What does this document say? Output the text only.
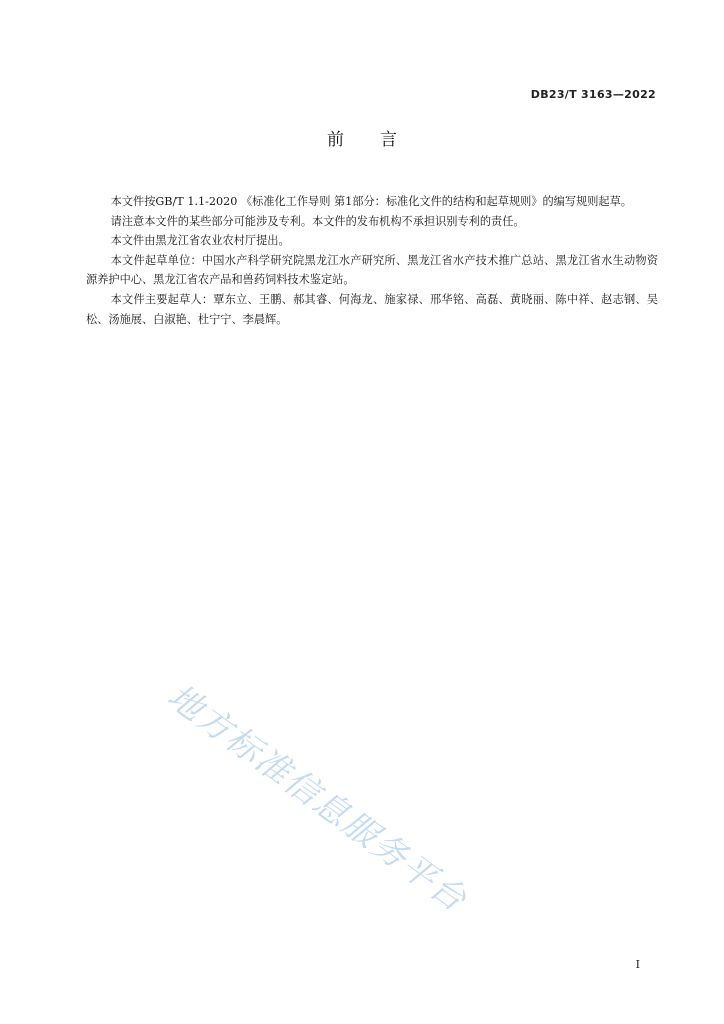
DB23/T 3163—2022
前言

本文件按GB/T 1.1-2020 《标准化工作导则 第1部分：标准化文件的结构和起草规则》的编写规则起草。

请注意本文件的某些部分可能涉及专利。本文件的发布机构不承担识别专利的责任。

本文件由黑龙江省农业农村厅提出。

本文件起草单位：中国水产科学研究院黑龙江水产研究所、黑龙江省水产技术推广总站、黑龙江省水生动物资源养护中心、黑龙江省农产品和兽药饲料技术鉴定站。

本文件主要起草人：覃东立、王鹏、郝其睿、何海龙、施家禄、邢华铭、高磊、黄晓丽、陈中祥、赵志钢、吴松、汤施展、白淑艳、杜宁宁、李晨辉。

地方标准信息服务平台
I
